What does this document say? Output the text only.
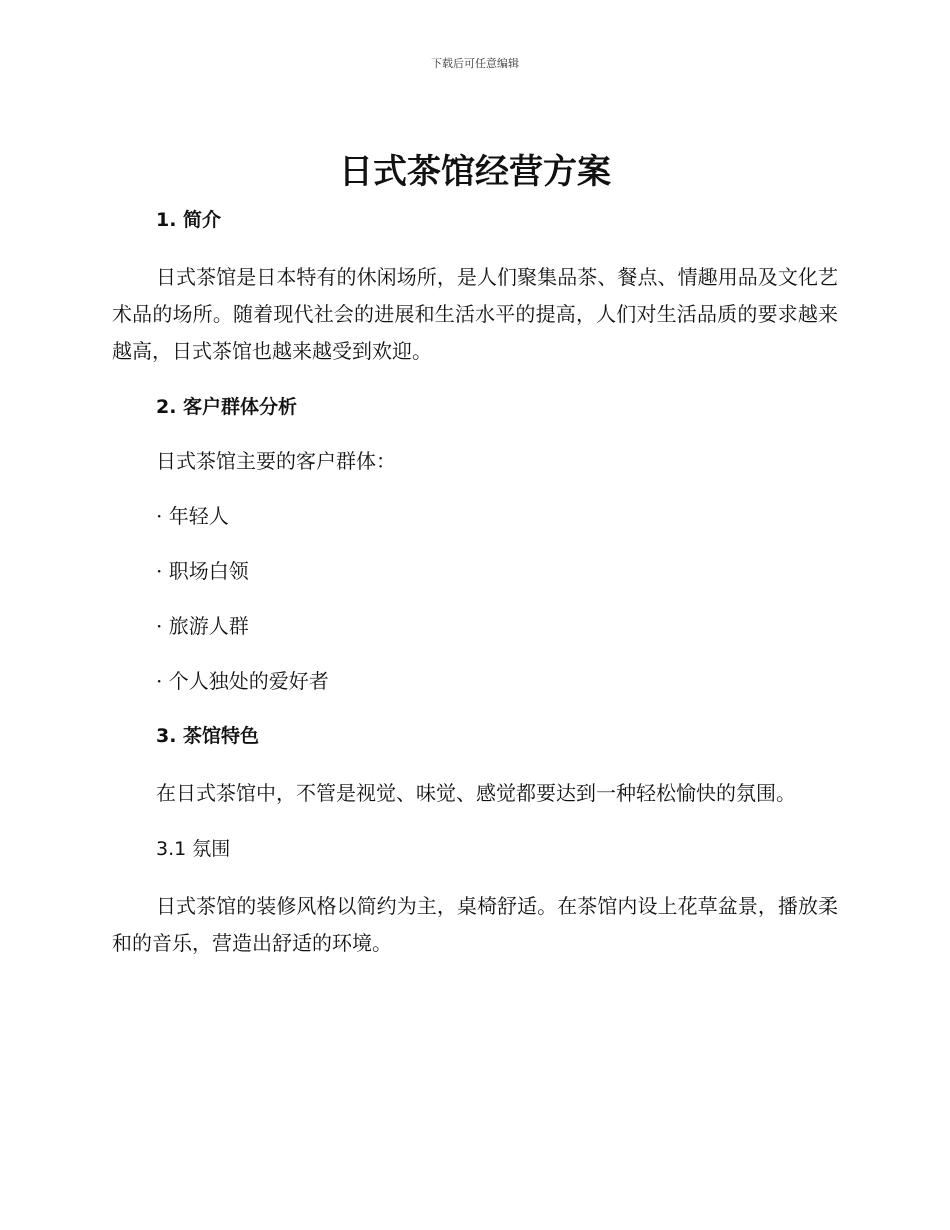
下载后可任意编辑
日式茶馆经营方案
1. 简介

日式茶馆是日本特有的休闲场所，是人们聚集品茶、餐点、情趣用品及文化艺术品的场所。随着现代社会的进展和生活水平的提高，人们对生活品质的要求越来越高，日式茶馆也越来越受到欢迎。

2. 客户群体分析

日式茶馆主要的客户群体：

· 年轻人

· 职场白领

· 旅游人群

· 个人独处的爱好者

3. 茶馆特色

在日式茶馆中，不管是视觉、味觉、感觉都要达到一种轻松愉快的氛围。

3.1 氛围

日式茶馆的装修风格以简约为主，桌椅舒适。在茶馆内设上花草盆景，播放柔和的音乐，营造出舒适的环境。
